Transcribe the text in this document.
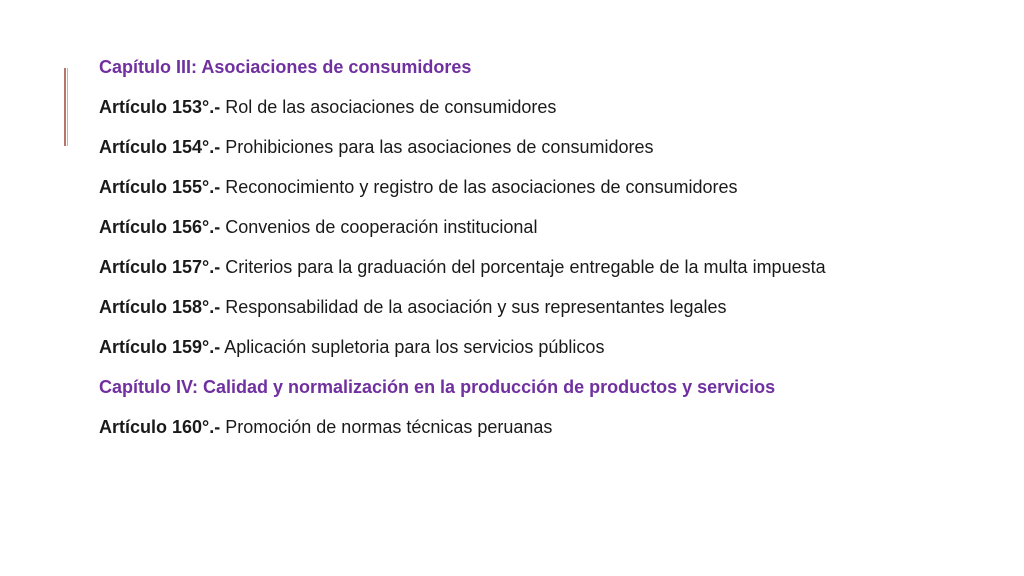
Capítulo III: Asociaciones de consumidores

Artículo 153°.- Rol de las asociaciones de consumidores

Artículo 154°.- Prohibiciones para las asociaciones de consumidores

Artículo 155°.- Reconocimiento y registro de las asociaciones de consumidores

Artículo 156°.- Convenios de cooperación institucional

Artículo 157°.- Criterios para la graduación del porcentaje entregable de la multa impuesta

Artículo 158°.- Responsabilidad de la asociación y sus representantes legales

Artículo 159°.- Aplicación supletoria para los servicios públicos

Capítulo IV: Calidad y normalización en la producción de productos y servicios

Artículo 160°.- Promoción de normas técnicas peruanas
